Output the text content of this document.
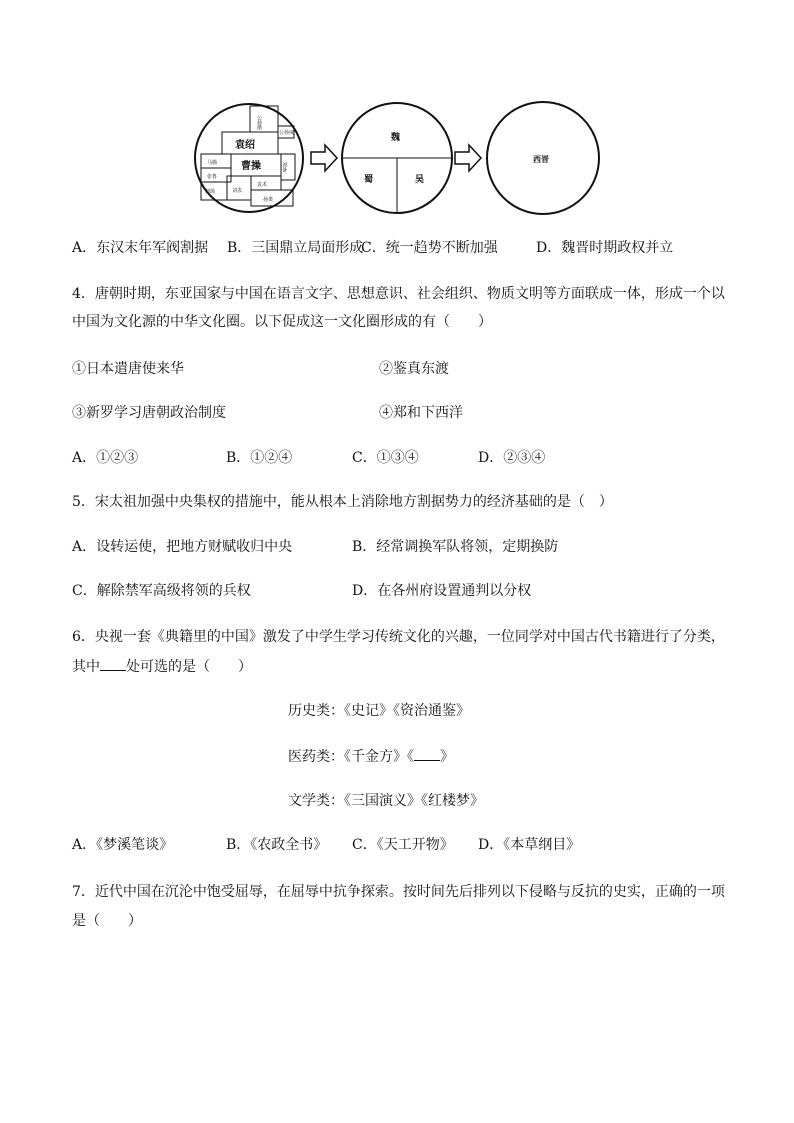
公孙瓒
公孙度
袁绍
曹操
马腾
张鲁
刘璋	刘表
袁术
孙策
刘备
魏
蜀	吴
西晋
A．东汉末年军阀割据 B．三国鼎立局面形成
C．统一趋势不断加强	D．魏晋时期政权并立
4．唐朝时期，东亚国家与中国在语言文字、思想意识、社会组织、物质文明等方面联成一体，形成一个以
中国为文化源的中华文化圈。以下促成这一文化圈形成的有（　　）
①日本遣唐使来华	②鉴真东渡
③新罗学习唐朝政治制度	④郑和下西洋
A．①②③	B．①②④	C．①③④	D．②③④
5．宋太祖加强中央集权的措施中，能从根本上消除地方割据势力的经济基础的是（　）
A．设转运使，把地方财赋收归中央	B．经常调换军队将领，定期换防
C．解除禁军高级将领的兵权	D．在各州府设置通判以分权
6．央视一套《典籍里的中国》激发了中学生学习传统文化的兴趣，一位同学对中国古代书籍进行了分类，
其中 处可选的是（　　）
历史类：《史记》《资治通鉴》
医药类：《千金方》《 》
文学类：《三国演义》《红楼梦》
A．《梦溪笔谈》	B．《农政全书》 C．《天工开物》 D．《本草纲目》
7．近代中国在沉沦中饱受屈辱，在屈辱中抗争探索。按时间先后排列以下侵略与反抗的史实，正确的一项
是（　　）
